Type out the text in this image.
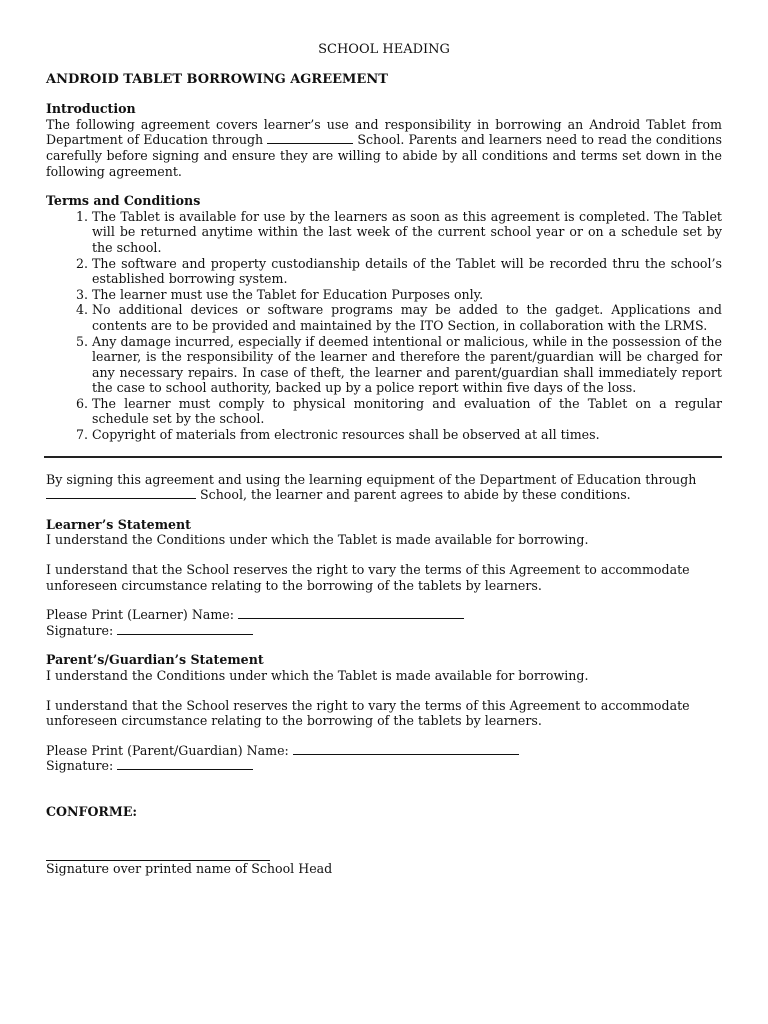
SCHOOL HEADING
ANDROID TABLET BORROWING AGREEMENT
Introduction
The following agreement covers learner’s use and responsibility in borrowing an Android Tablet from Department of Education through	School. Parents and learners need to read the conditions carefully before signing and ensure they are willing to abide by all conditions and terms set down in the following agreement.
Terms and Conditions
1. The Tablet is available for use by the learners as soon as this agreement is completed. The Tablet will be returned anytime within the last week of the current school year or on a schedule set by the school.
2. The software and property custodianship details of the Tablet will be recorded thru the school’s established borrowing system.
3. The learner must use the Tablet for Education Purposes only.
4. No additional devices or software programs may be added to the gadget. Applications and contents are to be provided and maintained by the ITO Section, in collaboration with the LRMS.
5. Any damage incurred, especially if deemed intentional or malicious, while in the possession of the learner, is the responsibility of the learner and therefore the parent/guardian will be charged for any necessary repairs. In case of theft, the learner and parent/guardian shall immediately report the case to school authority, backed up by a police report within five days of the loss.
6. The learner must comply to physical monitoring and evaluation of the Tablet on a regular schedule set by the school.
7. Copyright of materials from electronic resources shall be observed at all times.
By signing this agreement and using the learning equipment of the Department of Education through  School, the learner and parent agrees to abide by these conditions.
Learner’s Statement
I understand the Conditions under which the Tablet is made available for borrowing.
I understand that the School reserves the right to vary the terms of this Agreement to accommodate unforeseen circumstance relating to the borrowing of the tablets by learners.
Please Print (Learner) Name:
Signature:
Parent’s/Guardian’s Statement
I understand the Conditions under which the Tablet is made available for borrowing.
I understand that the School reserves the right to vary the terms of this Agreement to accommodate unforeseen circumstance relating to the borrowing of the tablets by learners.
Please Print (Parent/Guardian) Name:
Signature:
CONFORME:
Signature over printed name of School Head
